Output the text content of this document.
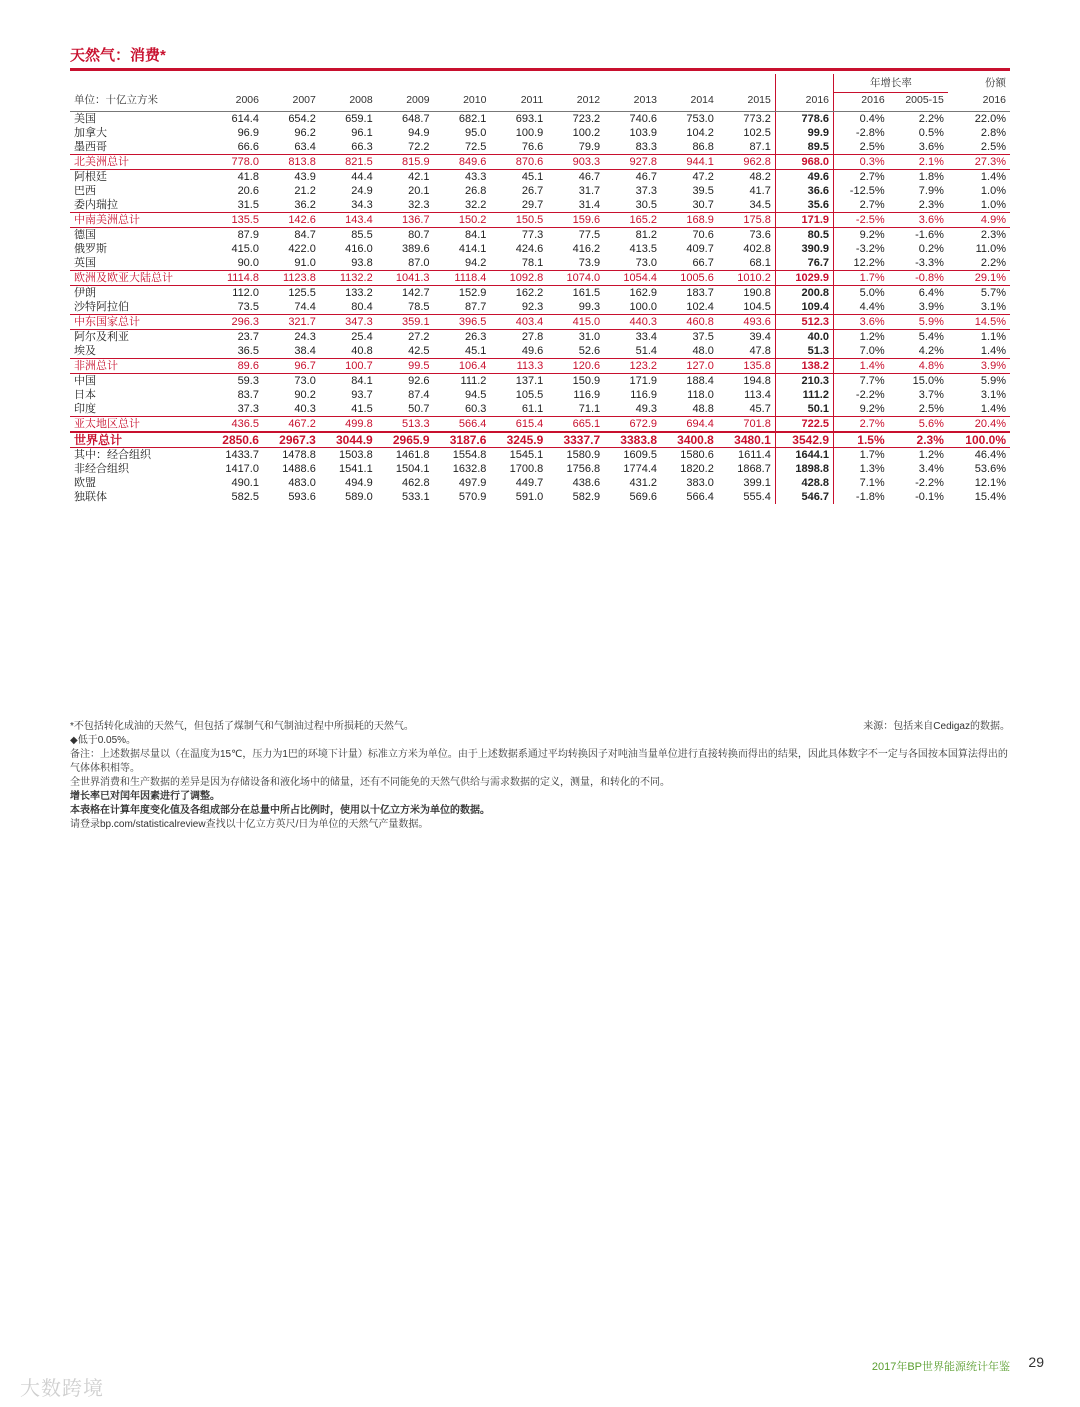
天然气：消费*
												年增长率		份额
单位：十亿立方米	2006	2007	2008	2009	2010	2011	2012	2013	2014	2015	2016	2016	2005-15	2016
美国	614.4	654.2	659.1	648.7	682.1	693.1	723.2	740.6	753.0	773.2	778.6	0.4%	2.2%	22.0%
加拿大	96.9	96.2	96.1	94.9	95.0	100.9	100.2	103.9	104.2	102.5	99.9	-2.8%	0.5%	2.8%
墨西哥	66.6	63.4	66.3	72.2	72.5	76.6	79.9	83.3	86.8	87.1	89.5	2.5%	3.6%	2.5%
北美洲总计	778.0	813.8	821.5	815.9	849.6	870.6	903.3	927.8	944.1	962.8	968.0	0.3%	2.1%	27.3%
阿根廷	41.8	43.9	44.4	42.1	43.3	45.1	46.7	46.7	47.2	48.2	49.6	2.7%	1.8%	1.4%
巴西	20.6	21.2	24.9	20.1	26.8	26.7	31.7	37.3	39.5	41.7	36.6	-12.5%	7.9%	1.0%
委内瑞拉	31.5	36.2	34.3	32.3	32.2	29.7	31.4	30.5	30.7	34.5	35.6	2.7%	2.3%	1.0%
中南美洲总计	135.5	142.6	143.4	136.7	150.2	150.5	159.6	165.2	168.9	175.8	171.9	-2.5%	3.6%	4.9%
德国	87.9	84.7	85.5	80.7	84.1	77.3	77.5	81.2	70.6	73.6	80.5	9.2%	-1.6%	2.3%
俄罗斯	415.0	422.0	416.0	389.6	414.1	424.6	416.2	413.5	409.7	402.8	390.9	-3.2%	0.2%	11.0%
英国	90.0	91.0	93.8	87.0	94.2	78.1	73.9	73.0	66.7	68.1	76.7	12.2%	-3.3%	2.2%
欧洲及欧亚大陆总计	1114.8	1123.8	1132.2	1041.3	1118.4	1092.8	1074.0	1054.4	1005.6	1010.2	1029.9	1.7%	-0.8%	29.1%
伊朗	112.0	125.5	133.2	142.7	152.9	162.2	161.5	162.9	183.7	190.8	200.8	5.0%	6.4%	5.7%
沙特阿拉伯	73.5	74.4	80.4	78.5	87.7	92.3	99.3	100.0	102.4	104.5	109.4	4.4%	3.9%	3.1%
中东国家总计	296.3	321.7	347.3	359.1	396.5	403.4	415.0	440.3	460.8	493.6	512.3	3.6%	5.9%	14.5%
阿尔及利亚	23.7	24.3	25.4	27.2	26.3	27.8	31.0	33.4	37.5	39.4	40.0	1.2%	5.4%	1.1%
埃及	36.5	38.4	40.8	42.5	45.1	49.6	52.6	51.4	48.0	47.8	51.3	7.0%	4.2%	1.4%
非洲总计	89.6	96.7	100.7	99.5	106.4	113.3	120.6	123.2	127.0	135.8	138.2	1.4%	4.8%	3.9%
中国	59.3	73.0	84.1	92.6	111.2	137.1	150.9	171.9	188.4	194.8	210.3	7.7%	15.0%	5.9%
日本	83.7	90.2	93.7	87.4	94.5	105.5	116.9	116.9	118.0	113.4	111.2	-2.2%	3.7%	3.1%
印度	37.3	40.3	41.5	50.7	60.3	61.1	71.1	49.3	48.8	45.7	50.1	9.2%	2.5%	1.4%
亚太地区总计	436.5	467.2	499.8	513.3	566.4	615.4	665.1	672.9	694.4	701.8	722.5	2.7%	5.6%	20.4%
世界总计	2850.6	2967.3	3044.9	2965.9	3187.6	3245.9	3337.7	3383.8	3400.8	3480.1	3542.9	1.5%	2.3%	100.0%
其中：经合组织	1433.7	1478.8	1503.8	1461.8	1554.8	1545.1	1580.9	1609.5	1580.6	1611.4	1644.1	1.7%	1.2%	46.4%
非经合组织	1417.0	1488.6	1541.1	1504.1	1632.8	1700.8	1756.8	1774.4	1820.2	1868.7	1898.8	1.3%	3.4%	53.6%
欧盟	490.1	483.0	494.9	462.8	497.9	449.7	438.6	431.2	383.0	399.1	428.8	7.1%	-2.2%	12.1%
独联体	582.5	593.6	589.0	533.1	570.9	591.0	582.9	569.6	566.4	555.4	546.7	-1.8%	-0.1%	15.4%
来源：包括来自Cedigaz的数据。

*不包括转化成油的天然气，但包括了煤制气和气制油过程中所损耗的天然气。

◆低于0.05%。

备注：上述数据尽量以（在温度为15℃，压力为1巴的环境下计量）标准立方米为单位。由于上述数据系通过平均转换因子对吨油当量单位进行直接转换而得出的结果，因此具体数字不一定与各国按本国算法得出的气体体积相等。

全世界消费和生产数据的差异是因为存储设备和液化场中的储量，还有不同能免的天然气供给与需求数据的定义，测量，和转化的不同。

增长率已对闰年因素进行了调整。

本表格在计算年度变化值及各组成部分在总量中所占比例时，使用以十亿立方米为单位的数据。

请登录bp.com/statisticalreview查找以十亿立方英尺/日为单位的天然气产量数据。

大数跨境
2017年BP世界能源统计年鉴 29
